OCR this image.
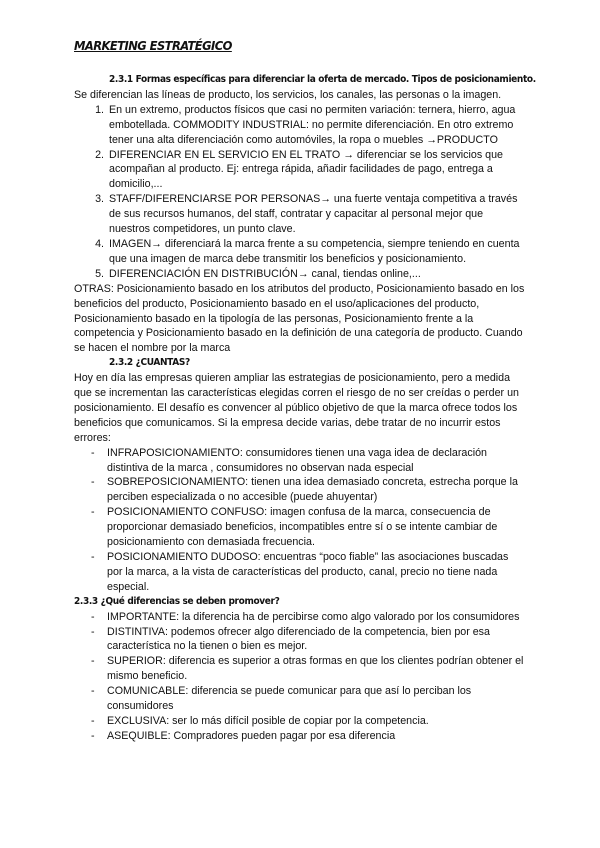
MARKETING ESTRATÉGICO
2.3.1 Formas específicas para diferenciar la oferta de mercado. Tipos de posicionamiento.

Se diferencian las líneas de producto, los servicios, los canales, las personas o la imagen.

1. En un extremo, productos físicos que casi no permiten variación: ternera, hierro, agua embotellada. COMMODITY INDUSTRIAL: no permite diferenciación. En otro extremo tener una alta diferenciación como automóviles, la ropa o muebles →PRODUCTO
2. DIFERENCIAR EN EL SERVICIO EN EL TRATO → diferenciar se los servicios que acompañan al producto. Ej: entrega rápida, añadir facilidades de pago, entrega a domicilio,...
3. STAFF/DIFERENCIARSE POR PERSONAS→ una fuerte ventaja competitiva a través de sus recursos humanos, del staff, contratar y capacitar al personal mejor que nuestros competidores, un punto clave.
4. IMAGEN→ diferenciará la marca frente a su competencia, siempre teniendo en cuenta que una imagen de marca debe transmitir los beneficios y posicionamiento.
5. DIFERENCIACIÓN EN DISTRIBUCIÓN→ canal, tiendas online,...

OTRAS: Posicionamiento basado en los atributos del producto, Posicionamiento basado en los beneficios del producto, Posicionamiento basado en el uso/aplicaciones del producto, Posicionamiento basado en la tipología de las personas, Posicionamiento frente a la competencia y Posicionamiento basado en la definición de una categoría de producto. Cuando se hacen el nombre por la marca

2.3.2 ¿CUANTAS?

Hoy en día las empresas quieren ampliar las estrategias de posicionamiento, pero a medida que se incrementan las características elegidas corren el riesgo de no ser creídas o perder un posicionamiento. El desafío es convencer al público objetivo de que la marca ofrece todos los beneficios que comunicamos. Si la empresa decide varias, debe tratar de no incurrir estos errores:

- INFRAPOSICIONAMIENTO: consumidores tienen una vaga idea de declaración distintiva de la marca , consumidores no observan nada especial
- SOBREPOSICIONAMIENTO: tienen una idea demasiado concreta, estrecha porque la perciben especializada o no accesible (puede ahuyentar)
- POSICIONAMIENTO CONFUSO: imagen confusa de la marca, consecuencia de proporcionar demasiado beneficios, incompatibles entre sí o se intente cambiar de posicionamiento con demasiada frecuencia.
- POSICIONAMIENTO DUDOSO: encuentras “poco fiable” las asociaciones buscadas por la marca, a la vista de características del producto, canal, precio no tiene nada especial.
2.3.3 ¿Qué diferencias se deben promover?
- IMPORTANTE: la diferencia ha de percibirse como algo valorado por los consumidores
- DISTINTIVA: podemos ofrecer algo diferenciado de la competencia, bien por esa característica no la tienen o bien es mejor.
- SUPERIOR: diferencia es superior a otras formas en que los clientes podrían obtener el mismo beneficio.
- COMUNICABLE: diferencia se puede comunicar para que así lo perciban los consumidores
- EXCLUSIVA: ser lo más difícil posible de copiar por la competencia.
- ASEQUIBLE: Compradores pueden pagar por esa diferencia
